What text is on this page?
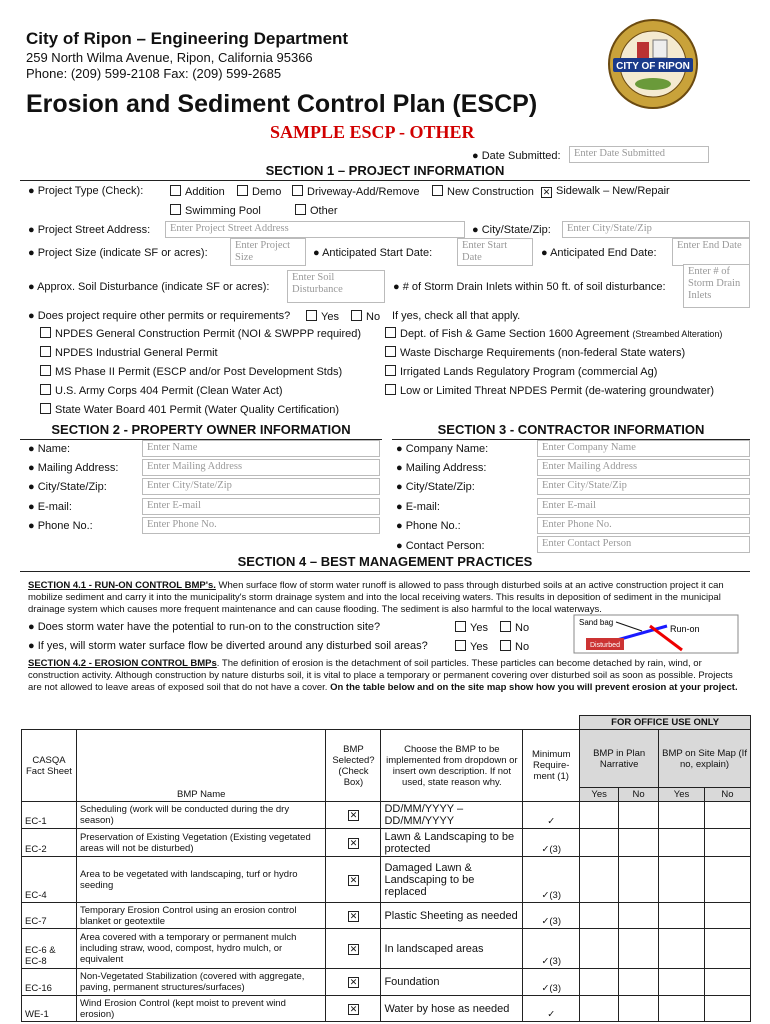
City of Ripon – Engineering Department
259 North Wilma Avenue, Ripon, California 95366
Phone: (209) 599-2108 Fax: (209) 599-2685
Erosion and Sediment Control Plan (ESCP)
SAMPLE ESCP - OTHER
CITY OF RIPON
● Date Submitted:	Enter Date Submitted
SECTION 1 – PROJECT INFORMATION
● Project Type (Check):	Addition	Demo	Driveway-Add/Remove	New Construction ✕ Sidewalk – New/Repair
Swimming Pool	Other
● Project Street Address:	Enter Project Street Address	● City/State/Zip:	Enter City/State/Zip
● Project Size (indicate SF or acres):
Enter Project Size	● Anticipated Start Date:
Enter Start Date	● Anticipated End Date:
Enter End Date
● Approx. Soil Disturbance (indicate SF or acres):
Enter Soil Disturbance	● # of Storm Drain Inlets within 50 ft. of soil disturbance:
Enter # of Storm Drain Inlets
● Does project require other permits or requirements?	Yes	No If yes, check all that apply.
NPDES General Construction Permit (NOI & SWPPP required)
NPDES Industrial General Permit
MS Phase II Permit (ESCP and/or Post Development Stds)
U.S. Army Corps 404 Permit (Clean Water Act)
State Water Board 401 Permit (Water Quality Certification)
Dept. of Fish & Game Section 1600 Agreement (Streambed Alteration)
Waste Discharge Requirements (non-federal State waters)
Irrigated Lands Regulatory Program (commercial Ag)
Low or Limited Threat NPDES Permit (de-watering groundwater)
SECTION 2 - PROPERTY OWNER INFORMATION	SECTION 3 - CONTRACTOR INFORMATION
● Name:	Enter Name
● Mailing Address:	Enter Mailing Address
● City/State/Zip:	Enter City/State/Zip
● E-mail:	Enter E-mail
● Phone No.:	Enter Phone No.
● Company Name:	Enter Company Name
● Mailing Address:	Enter Mailing Address
● City/State/Zip:	Enter City/State/Zip
● E-mail:	Enter E-mail
● Phone No.:	Enter Phone No.
● Contact Person:	Enter Contact Person
SECTION 4 – BEST MANAGEMENT PRACTICES
SECTION 4.1 - RUN-ON CONTROL BMP's. When surface flow of storm water runoff is allowed to pass through disturbed soils at an active construction project it can mobilize sediment and carry it into the municipality's storm drainage system and into the local receiving waters. This results in deposition of sediment in the municipal drainage system which causes more frequent maintenance and can cause flooding. The sediment is also harmful to the local waterways.
● Does storm water have the potential to run-on to the construction site?	Yes	No
● If yes, will storm water surface flow be diverted around any disturbed soil areas?	Yes	No
Sand bag
Disturbed
Run-on
SECTION 4.2 - EROSION CONTROL BMPs. The definition of erosion is the detachment of soil particles. These particles can become detached by rain, wind, or construction activity. Although construction by nature disturbs soil, it is vital to place a temporary or permanent covering over disturbed soil as soon as possible. Projects are not allowed to leave areas of exposed soil that do not have a cover. On the table below and on the site map show how you will prevent erosion at your project.
					FOR OFFICE USE ONLY			
CASQA Fact Sheet	BMP Name	BMP Selected? (Check Box)	Choose the BMP to be implemented from dropdown or insert own description. If not used, state reason why.	Minimum Require-ment (1)	BMP in Plan Narrative		BMP on Site Map (If no, explain)	
					Yes	No	Yes	No
EC-1	Scheduling (work will be conducted during the dry season)	✕	DD/MM/YYYY – DD/MM/YYYY	✓				
EC-2	Preservation of Existing Vegetation (Existing vegetated areas will not be disturbed)	✕	Lawn & Landscaping to be protected	✓(3)				
EC-4	Area to be vegetated with landscaping, turf or hydro seeding	✕	Damaged Lawn & Landscaping to be replaced	✓(3)				
EC-7	Temporary Erosion Control using an erosion control blanket or geotextile	✕	Plastic Sheeting as needed	✓(3)				
EC-6 & EC-8	Area covered with a temporary or permanent mulch including straw, wood, compost, hydro mulch, or equivalent	✕	In landscaped areas	✓(3)				
EC-16	Non-Vegetated Stabilization (covered with aggregate, paving, permanent structures/surfaces)	✕	Foundation	✓(3)				
WE-1	Wind Erosion Control (kept moist to prevent wind erosion)	✕	Water by hose as needed	✓				
